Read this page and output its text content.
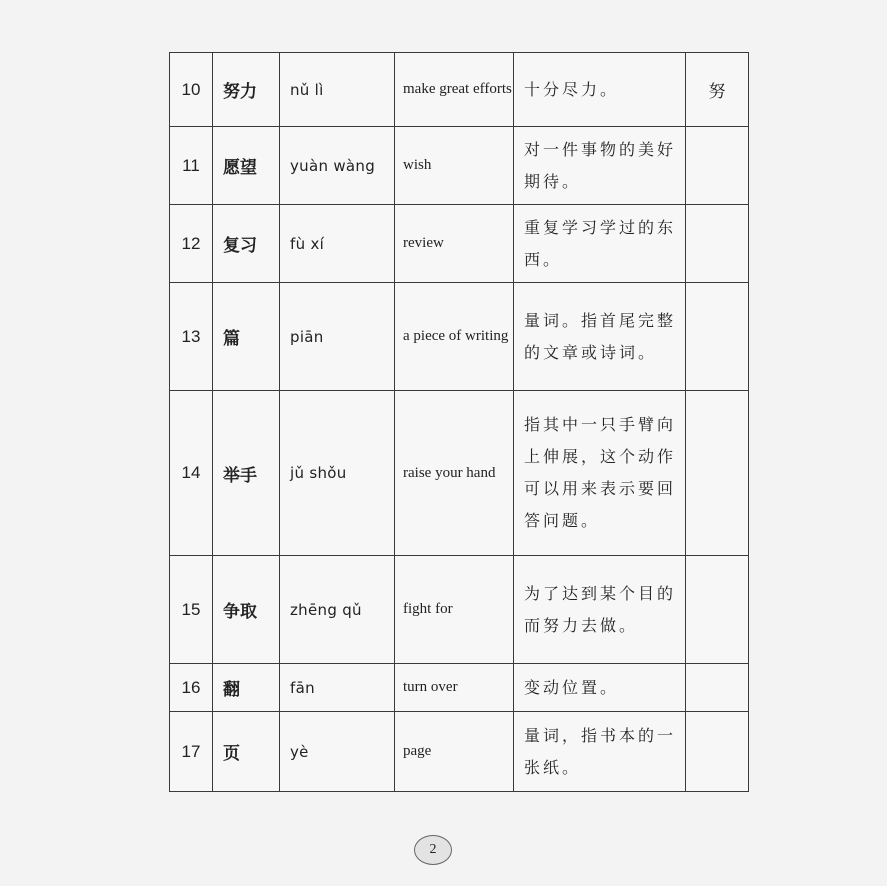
10	努力	nǔ lì	make great efforts	十分尽力。	努
11	愿望	yuàn wàng	wish	对一件事物的美好期待。	
12	复习	fù xí	review	重复学习学过的东西。	
13	篇	piān	a piece of writing	量词。指首尾完整的文章或诗词。	
14	举手	jǔ shǒu	raise your hand	指其中一只手臂向上伸展，这个动作可以用来表示要回答问题。	
15	争取	zhēng qǔ	fight for	为了达到某个目的而努力去做。	
16	翻	fān	turn over	变动位置。	
17	页	yè	page	量词，指书本的一张纸。	
2
